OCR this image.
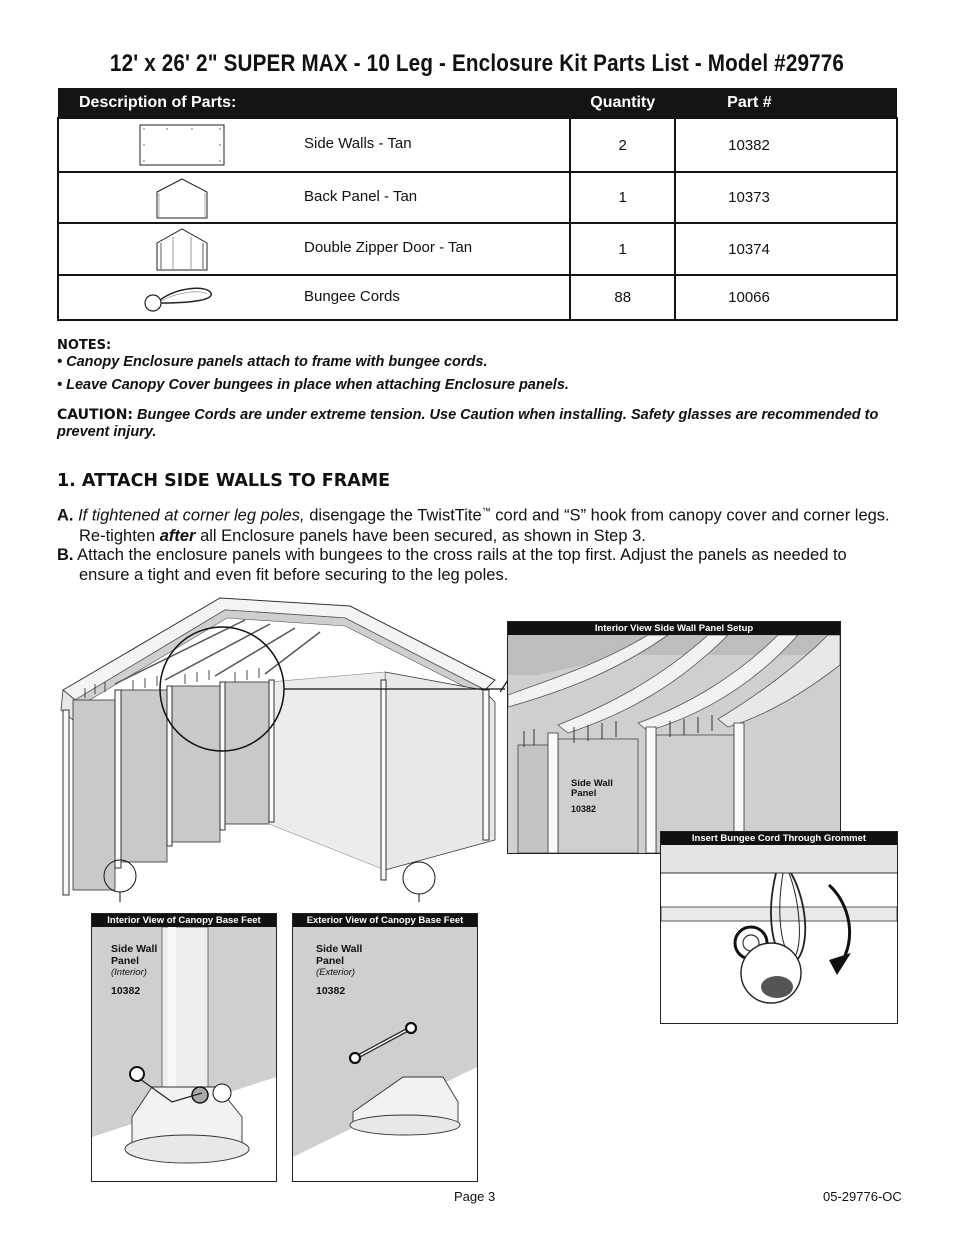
12' x 26' 2" SUPER MAX - 10 Leg - Enclosure Kit Parts List - Model #29776
Description of Parts:	Quantity	Part #

Side Walls - Tan	2	10382

Back Panel - Tan	1	10373

Double Zipper Door - Tan	1	10374

Bungee Cords	88	10066
NOTES:
• Canopy Enclosure panels attach to frame with bungee cords.
• Leave Canopy Cover bungees in place when attaching Enclosure panels.
CAUTION: Bungee Cords are under extreme tension. Use Caution when installing. Safety glasses are recommended to prevent injury.
1. ATTACH SIDE WALLS TO FRAME
A. If tightened at corner leg poles, disengage the TwistTite™ cord and “S” hook from canopy cover and corner legs. Re-tighten after all Enclosure panels have been secured, as shown in Step 3.
B. Attach the enclosure panels with bungees to the cross rails at the top first. Adjust the panels as needed to ensure a tight and even fit before securing to the leg poles.
Interior View Side Wall Panel Setup
Side Wall
Panel
10382
Insert Bungee Cord Through Grommet
Interior View of Canopy Base Feet
Side Wall
Panel
(Interior)
10382
Exterior View of Canopy Base Feet
Side Wall
Panel
(Exterior)
10382
Page 3	05-29776-OC
